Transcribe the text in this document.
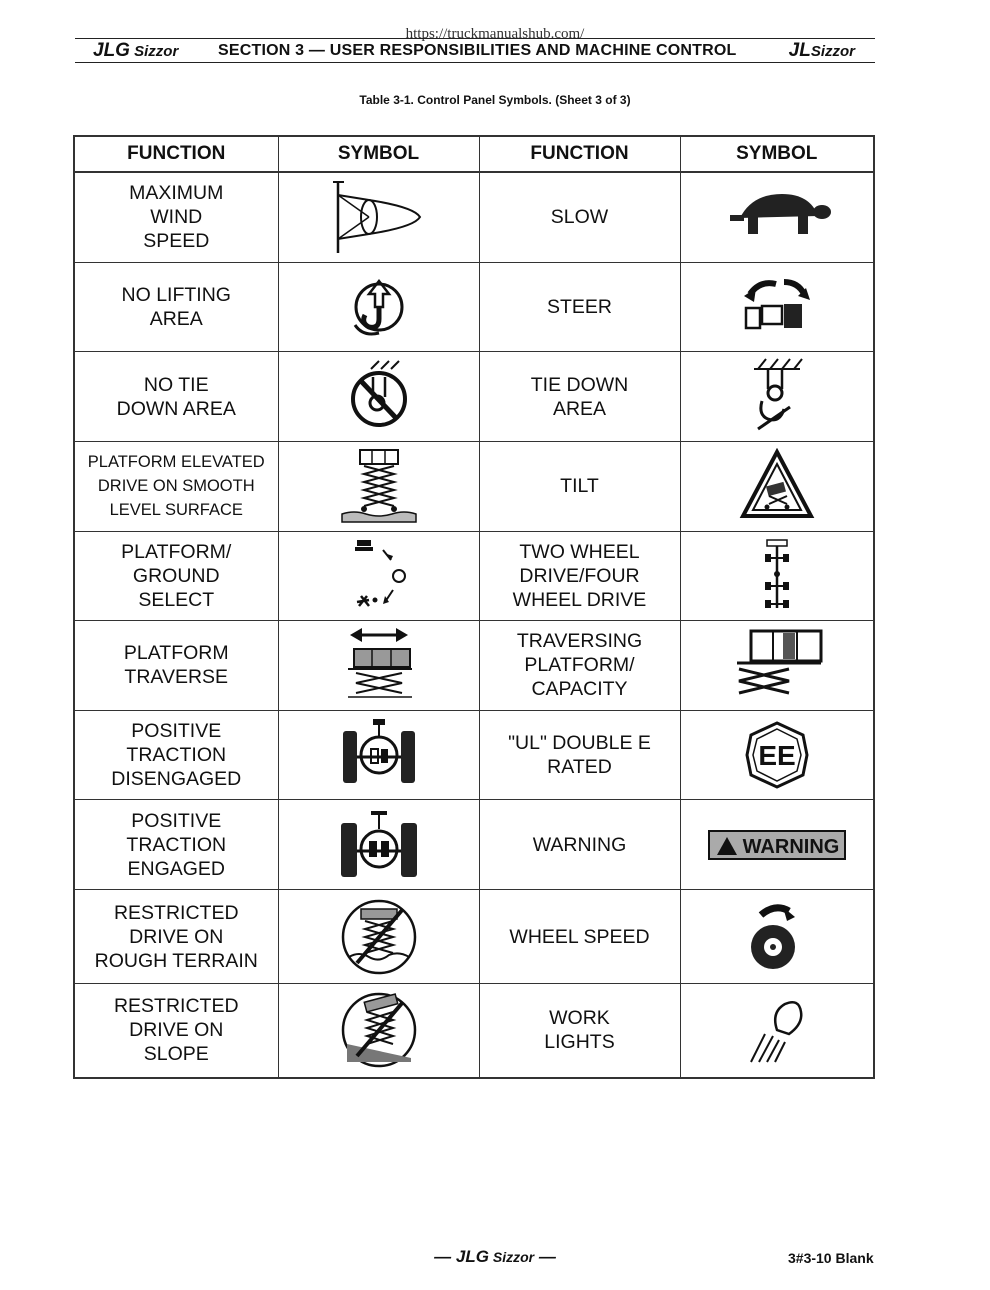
https://truckmanualshub.com/
JLG Sizzor SECTION 3 — USER RESPONSIBILITIES AND MACHINE CONTROL	JLSizzor
Table 3-1. Control Panel Symbols. (Sheet 3 of 3)
FUNCTION	SYMBOL	FUNCTION	SYMBOL
MAXIMUM
WIND
SPEED		SLOW	

NO LIFTING
AREA		STEER	

NO TIE
DOWN AREA		TIE DOWN
AREA	

PLATFORM ELEVATED
DRIVE ON SMOOTH
LEVEL SURFACE		TILT	

PLATFORM/
GROUND
SELECT		TWO WHEEL
DRIVE/FOUR
WHEEL DRIVE	

PLATFORM
TRAVERSE		TRAVERSING
PLATFORM/
CAPACITY	

POSITIVE
TRACTION
DISENGAGED		"UL" DOUBLE E
RATED	EE

POSITIVE
TRACTION
ENGAGED		WARNING	WARNING

RESTRICTED
DRIVE ON
ROUGH TERRAIN		WHEEL SPEED	

RESTRICTED
DRIVE ON
SLOPE		WORK
LIGHTS	
— JLG Sizzor —	3#3-10 Blank
